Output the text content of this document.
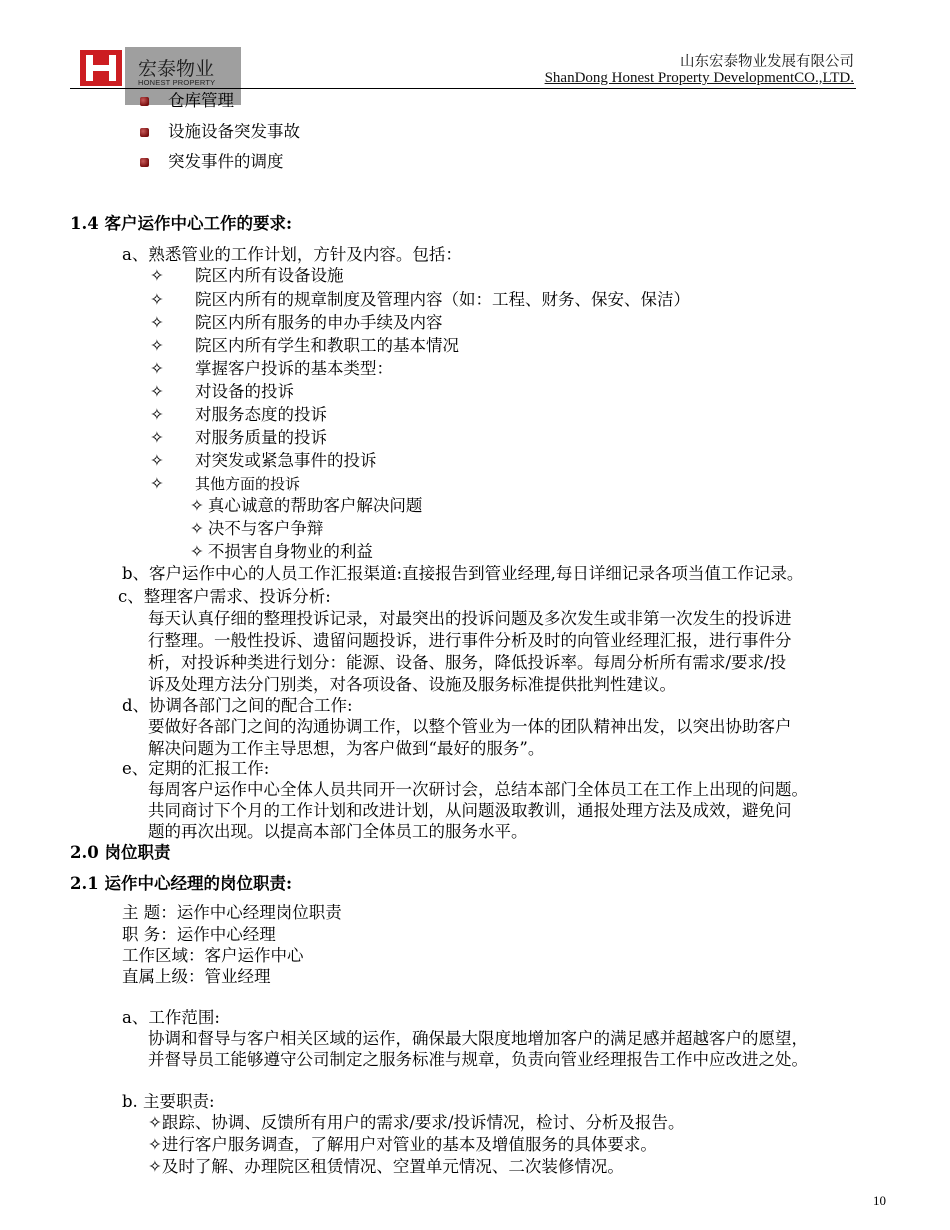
宏泰物业
HONEST PROPERTY
山东宏泰物业发展有限公司
ShanDong Honest Property DevelopmentCO.,LTD.
仓库管理
设施设备突发事故
突发事件的调度
1.4 客户运作中心工作的要求:
a、熟悉管业的工作计划，方针及内容。包括：
✧ 院区内所有设备设施
✧ 院区内所有的规章制度及管理内容（如：工程、财务、保安、保洁）
✧ 院区内所有服务的申办手续及内容
✧ 院区内所有学生和教职工的基本情况
✧ 掌握客户投诉的基本类型：
✧ 对设备的投诉
✧ 对服务态度的投诉
✧ 对服务质量的投诉
✧ 对突发或紧急事件的投诉
✧ 其他方面的投诉
✧ 真心诚意的帮助客户解决问题
✧ 决不与客户争辩
✧ 不损害自身物业的利益
b、客户运作中心的人员工作汇报渠道:直接报告到管业经理,每日详细记录各项当值工作记录。
c、整理客户需求、投诉分析:
每天认真仔细的整理投诉记录，对最突出的投诉问题及多次发生或非第一次发生的投诉进
行整理。一般性投诉、遗留问题投诉，进行事件分析及时的向管业经理汇报，进行事件分
析，对投诉种类进行划分：能源、设备、服务，降低投诉率。每周分析所有需求/要求/投
诉及处理方法分门别类，对各项设备、设施及服务标准提供批判性建议。
d、协调各部门之间的配合工作:
要做好各部门之间的沟通协调工作，以整个管业为一体的团队精神出发，以突出协助客户
解决问题为工作主导思想，为客户做到“最好的服务”。
e、定期的汇报工作:
每周客户运作中心全体人员共同开一次研讨会，总结本部门全体员工在工作上出现的问题。
共同商讨下个月的工作计划和改进计划，从问题汲取教训，通报处理方法及成效，避免问
题的再次出现。以提高本部门全体员工的服务水平。
2.0 岗位职责
2.1 运作中心经理的岗位职责:
主 题：运作中心经理岗位职责
职 务：运作中心经理
工作区域：客户运作中心
直属上级：管业经理
a、工作范围:
协调和督导与客户相关区域的运作，确保最大限度地增加客户的满足感并超越客户的愿望，
并督导员工能够遵守公司制定之服务标准与规章，负责向管业经理报告工作中应改进之处。
b. 主要职责:
✧跟踪、协调、反馈所有用户的需求/要求/投诉情况，检讨、分析及报告。
✧进行客户服务调查，了解用户对管业的基本及增值服务的具体要求。
✧及时了解、办理院区租赁情况、空置单元情况、二次装修情况。
10
